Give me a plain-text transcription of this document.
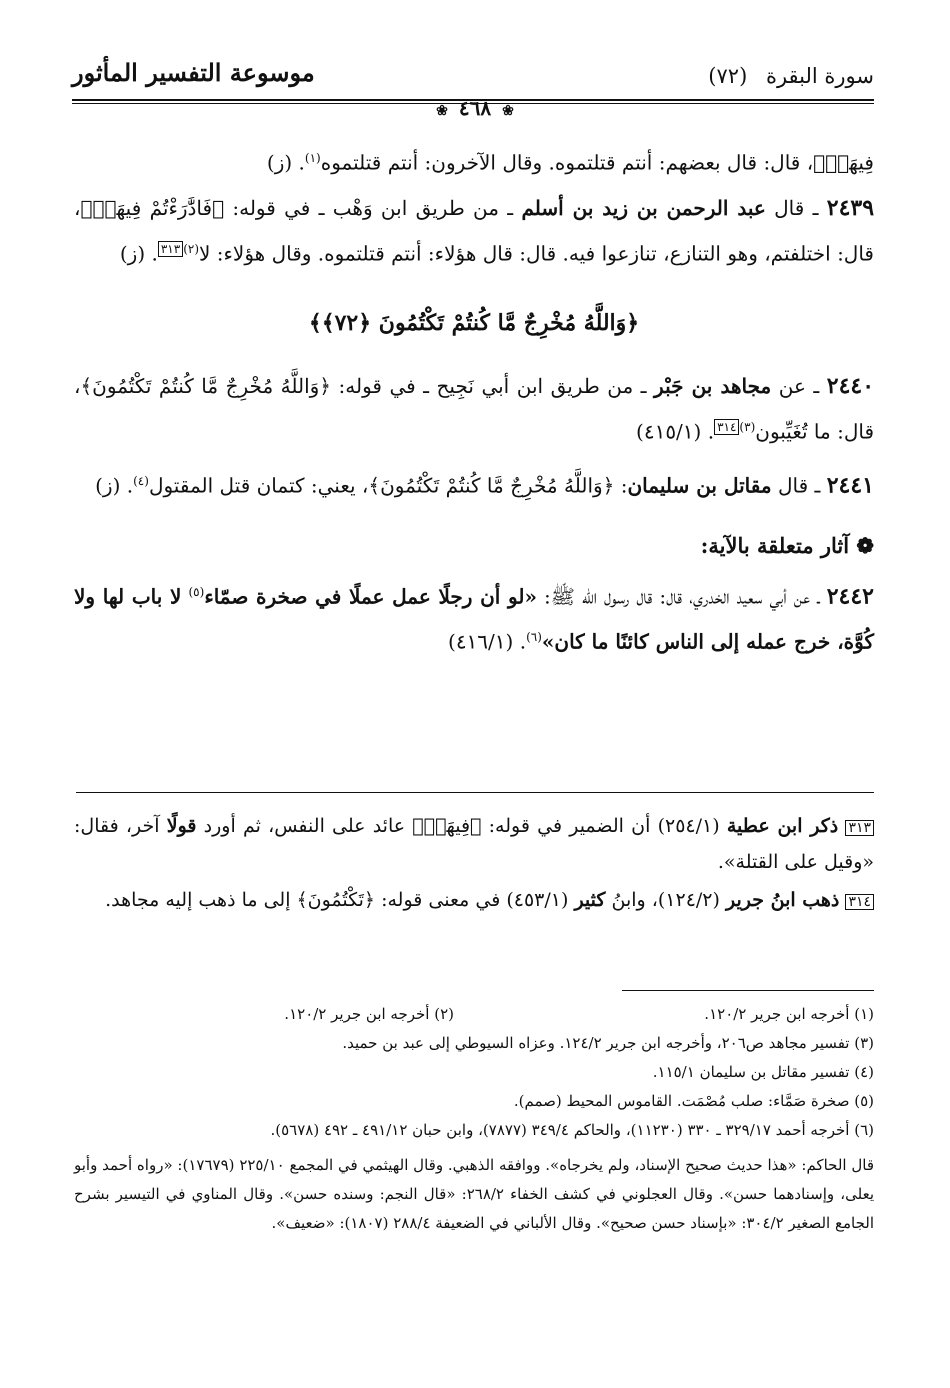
موسوعة التفسير المأثور	سورة البقرة (٧٢)
❀ ٤٦٨ ❀

فِيهَآۖ﴾، قال: قال بعضهم: أنتم قتلتموه. وقال الآخرون: أنتم قتلتموه$^{(١)}$. (ز)

٢٤٣٩ ـ قال عبد الرحمن بن زيد بن أسلم ـ من طريق ابن وَهْب ـ في قوله: ﴿فَادَّٰرَءْتُمْ فِيهَآۖ﴾، قال: اختلفتم، وهو التنازع، تنازعوا فيه. قال: قال هؤلاء: أنتم قتلتموه. وقال هؤلاء: لا$^{(٢)}$٣١٣. (ز)

﴿وَاللَّهُ مُخْرِجٌ مَّا كُنتُمْ تَكْتُمُونَ ﴿٧٢﴾﴾

٢٤٤٠ ـ عن مجاهد بن جَبْر ـ من طريق ابن أبي نَجِيح ـ في قوله: ﴿وَاللَّهُ مُخْرِجٌ مَّا كُنتُمْ تَكْتُمُونَ﴾، قال: ما تُغَيِّبون$^{(٣)}$٣١٤. (٤١٥/١)

٢٤٤١ ـ قال مقاتل بن سليمان: ﴿وَاللَّهُ مُخْرِجٌ مَّا كُنتُمْ تَكْتُمُونَ﴾، يعني: كتمان قتل المقتول$^{(٤)}$. (ز)

❁ آثار متعلقة بالآية:

٢٤٤٢ ـ عن أبي سعيد الخدري، قال: قال رسول الله ﷺ: «لو أن رجلًا عمل عملًا في صخرة صمّاء$^{(٥)}$ لا باب لها ولا كُوَّة، خرج عمله إلى الناس كائنًا ما كان»$^{(٦)}$. (٤١٦/١)

٣١٣ ذكر ابن عطية (٢٥٤/١) أن الضمير في قوله: ﴿فِيهَآۖ﴾ عائد على النفس، ثم أورد قولًا آخر، فقال: «وقيل على القتلة».

٣١٤ ذهب ابنُ جرير (١٢٤/٢)، وابنُ كثير (٤٥٣/١) في معنى قوله: ﴿تَكْتُمُونَ﴾ إلى ما ذهب إليه مجاهد.

(١) أخرجه ابن جرير ١٢٠/٢.
(٢) أخرجه ابن جرير ١٢٠/٢.

(٣) تفسير مجاهد ص٢٠٦، وأخرجه ابن جرير ١٢٤/٢. وعزاه السيوطي إلى عبد بن حميد.

(٤) تفسير مقاتل بن سليمان ١١٥/١.

(٥) صخرة صَمَّاء: صلب مُصْمَت. القاموس المحيط (صمم).

(٦) أخرجه أحمد ٣٢٩/١٧ ـ ٣٣٠ (١١٢٣٠)، والحاكم ٣٤٩/٤ (٧٨٧٧)، وابن حبان ٤٩١/١٢ ـ ٤٩٢ (٥٦٧٨).

قال الحاكم: «هذا حديث صحيح الإسناد، ولم يخرجاه». ووافقه الذهبي. وقال الهيثمي في المجمع ٢٢٥/١٠ (١٧٦٧٩): «رواه أحمد وأبو يعلى، وإسنادهما حسن». وقال العجلوني في كشف الخفاء ٢٦٨/٢: «قال النجم: وسنده حسن». وقال المناوي في التيسير بشرح الجامع الصغير ٣٠٤/٢: «بإسناد حسن صحيح». وقال الألباني في الضعيفة ٢٨٨/٤ (١٨٠٧): «ضعيف».
